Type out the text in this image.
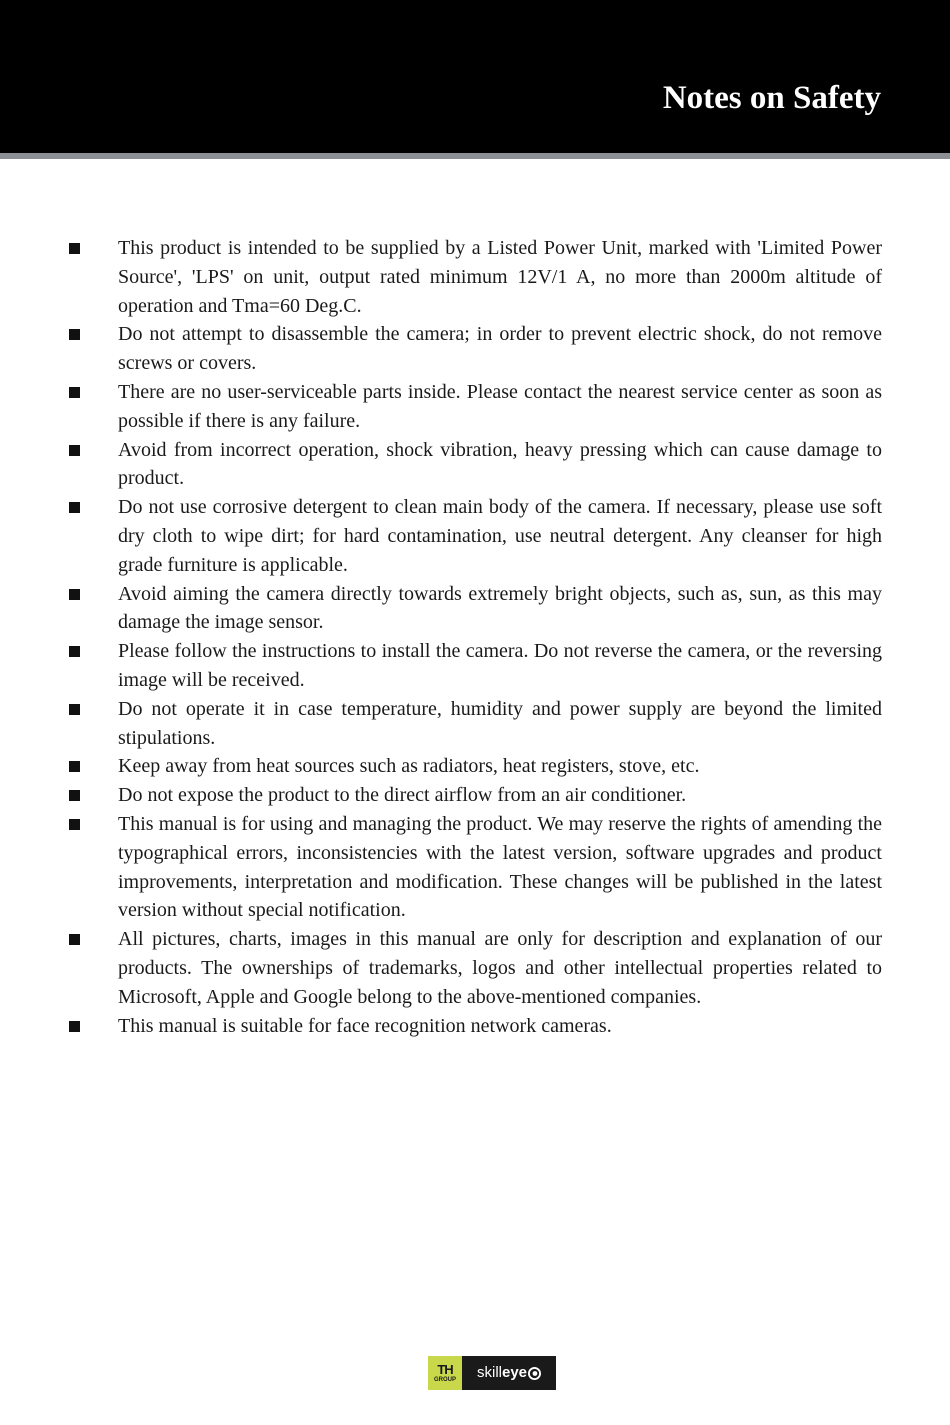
Notes on Safety
This product is intended to be supplied by a Listed Power Unit, marked with 'Limited Power Source', 'LPS' on unit, output rated minimum 12V/1 A, no more than 2000m altitude of operation and Tma=60 Deg.C.
Do not attempt to disassemble the camera; in order to prevent electric shock, do not remove screws or covers.
There are no user-serviceable parts inside. Please contact the nearest service center as soon as possible if there is any failure.
Avoid from incorrect operation, shock vibration, heavy pressing which can cause damage to product.
Do not use corrosive detergent to clean main body of the camera. If necessary, please use soft dry cloth to wipe dirt; for hard contamination, use neutral detergent. Any cleanser for high grade furniture is applicable.
Avoid aiming the camera directly towards extremely bright objects, such as, sun, as this may damage the image sensor.
Please follow the instructions to install the camera. Do not reverse the camera, or the reversing image will be received.
Do not operate it in case temperature, humidity and power supply are beyond the limited stipulations.
Keep away from heat sources such as radiators, heat registers, stove, etc.
Do not expose the product to the direct airflow from an air conditioner.
This manual is for using and managing the product. We may reserve the rights of amending the typographical errors, inconsistencies with the latest version, software upgrades and product improvements, interpretation and modification. These changes will be published in the latest version without special notification.
All pictures, charts, images in this manual are only for description and explanation of our products. The ownerships of trademarks, logos and other intellectual properties related to Microsoft, Apple and Google belong to the above-mentioned companies.
This manual is suitable for face recognition network cameras.
TH
GROUP skill eye
